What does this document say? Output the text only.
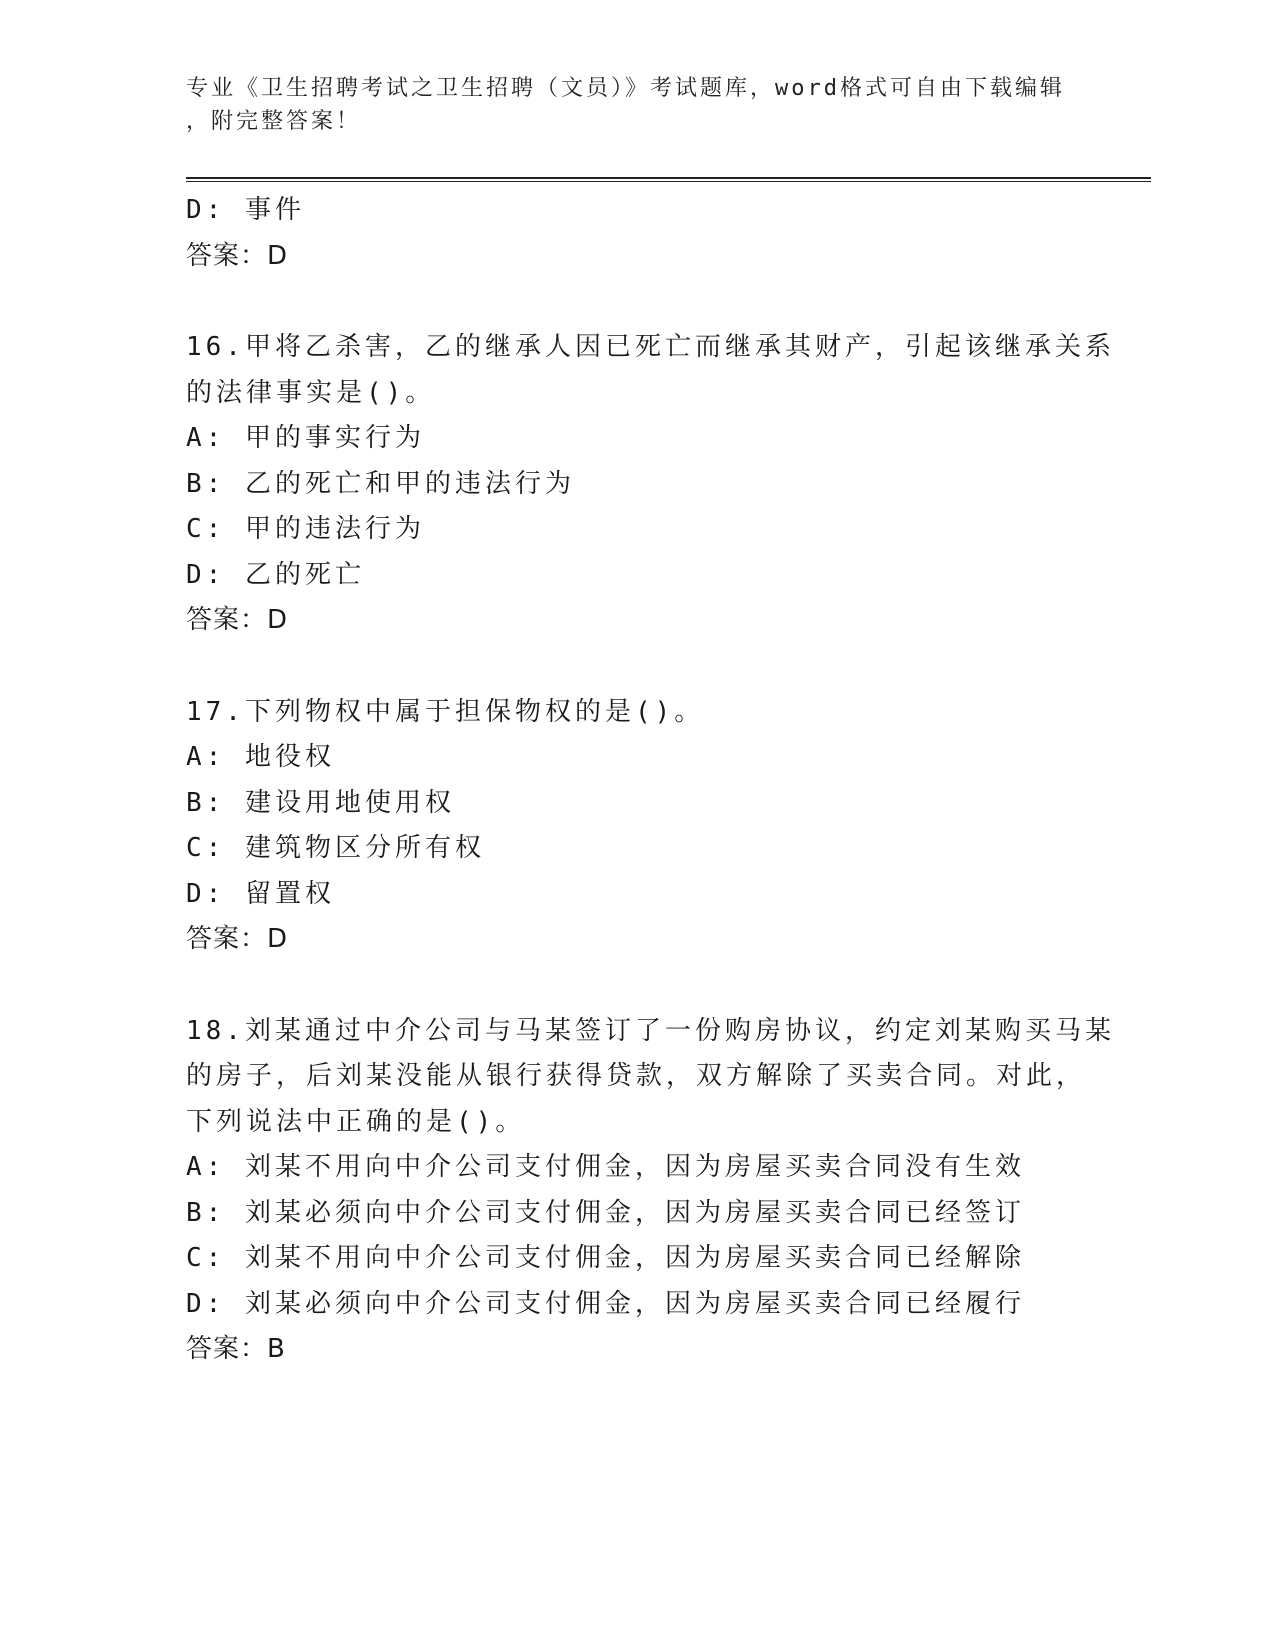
专业《卫生招聘考试之卫生招聘（文员）》考试题库，word格式可自由下载编辑
，附完整答案！
D: 事件
答案：D
16.甲将乙杀害，乙的继承人因已死亡而继承其财产，引起该继承关系
的法律事实是()。
A: 甲的事实行为
B: 乙的死亡和甲的违法行为
C: 甲的违法行为
D: 乙的死亡
答案：D
17.下列物权中属于担保物权的是()。
A: 地役权
B: 建设用地使用权
C: 建筑物区分所有权
D: 留置权
答案：D
18.刘某通过中介公司与马某签订了一份购房协议，约定刘某购买马某
的房子，后刘某没能从银行获得贷款，双方解除了买卖合同。对此，
下列说法中正确的是()。
A: 刘某不用向中介公司支付佣金，因为房屋买卖合同没有生效
B: 刘某必须向中介公司支付佣金，因为房屋买卖合同已经签订
C: 刘某不用向中介公司支付佣金，因为房屋买卖合同已经解除
D: 刘某必须向中介公司支付佣金，因为房屋买卖合同已经履行
答案：B
